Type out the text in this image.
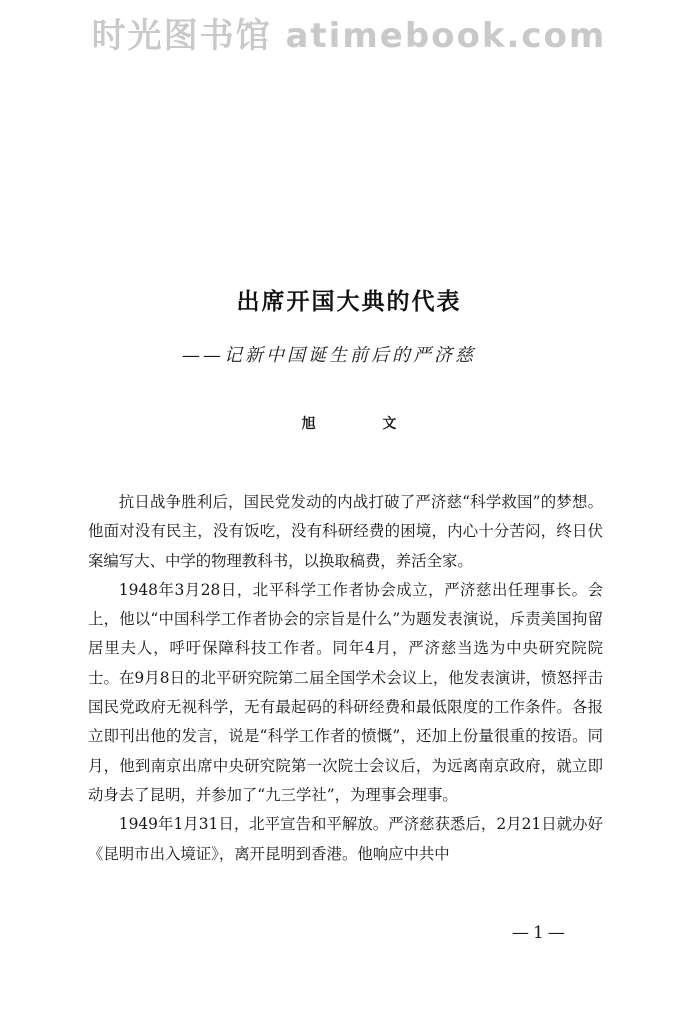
时光图书馆 atimebook.com
出席开国大典的代表
——记新中国诞生前后的严济慈
旭 文

抗日战争胜利后，国民党发动的内战打破了严济慈“科学救国”的梦想。他面对没有民主，没有饭吃，没有科研经费的困境，内心十分苦闷，终日伏案编写大、中学的物理教科书，以换取稿费，养活全家。

1948年3月28日，北平科学工作者协会成立，严济慈出任理事长。会上，他以“中国科学工作者协会的宗旨是什么”为题发表演说，斥责美国拘留居里夫人，呼吁保障科技工作者。同年4月，严济慈当选为中央研究院院士。在9月8日的北平研究院第二届全国学术会议上，他发表演讲，愤怒抨击国民党政府无视科学，无有最起码的科研经费和最低限度的工作条件。各报立即刊出他的发言，说是“科学工作者的愤慨”，还加上份量很重的按语。同月，他到南京出席中央研究院第一次院士会议后，为远离南京政府，就立即动身去了昆明，并参加了“九三学社”，为理事会理事。

1949年1月31日，北平宣告和平解放。严济慈获悉后，2月21日就办好《昆明市出入境证》，离开昆明到香港。他响应中共中

—1—
